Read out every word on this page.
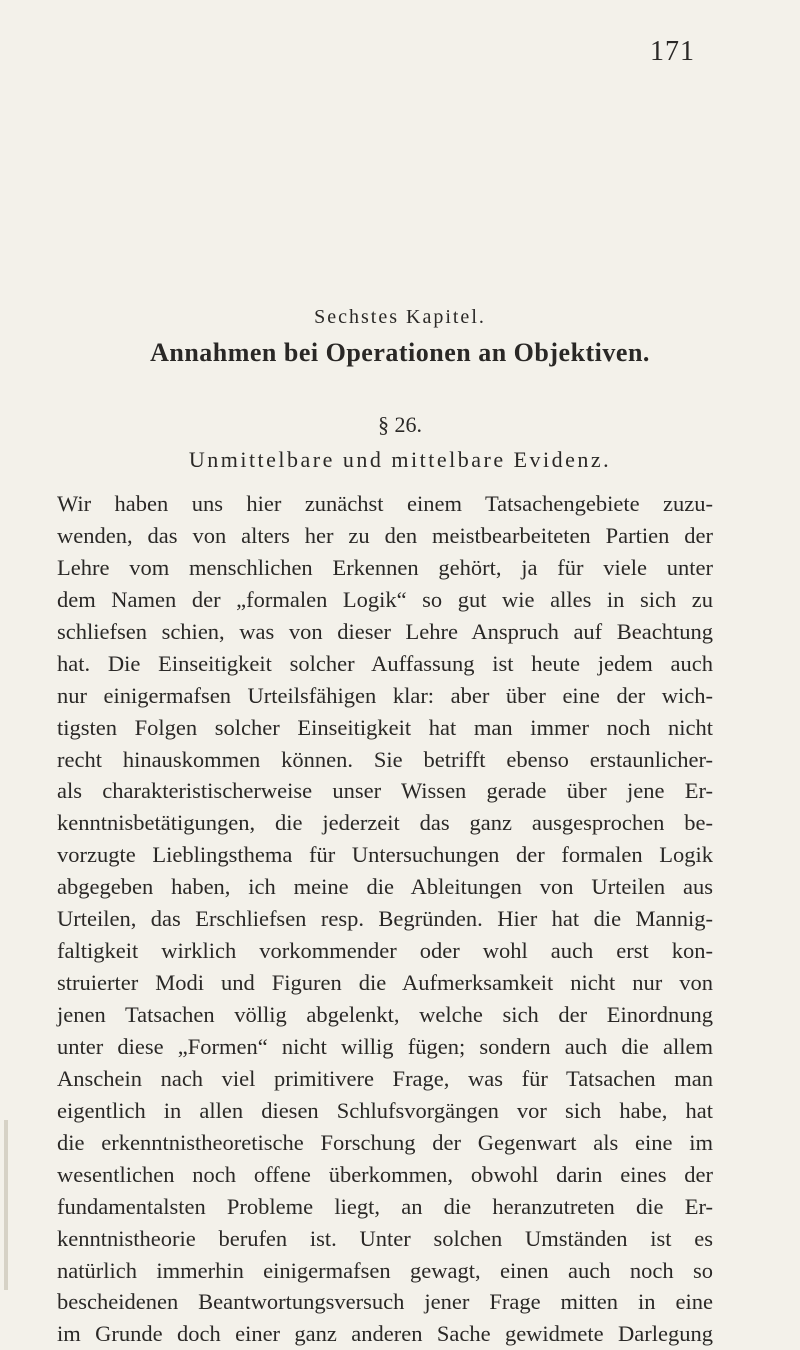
171
Sechstes Kapitel.
Annahmen bei Operationen an Objektiven.
§ 26.
Unmittelbare und mittelbare Evidenz.
Wir haben uns hier zunächst einem Tatsachengebiete zuzu-
wenden, das von alters her zu den meistbearbeiteten Partien der
Lehre vom menschlichen Erkennen gehört, ja für viele unter
dem Namen der „formalen Logik“ so gut wie alles in sich zu
schliefsen schien, was von dieser Lehre Anspruch auf Beachtung
hat. Die Einseitigkeit solcher Auffassung ist heute jedem auch
nur einigermafsen Urteilsfähigen klar: aber über eine der wich-
tigsten Folgen solcher Einseitigkeit hat man immer noch nicht
recht hinauskommen können. Sie betrifft ebenso erstaunlicher-
als charakteristischerweise unser Wissen gerade über jene Er-
kenntnisbetätigungen, die jederzeit das ganz ausgesprochen be-
vorzugte Lieblingsthema für Untersuchungen der formalen Logik
abgegeben haben, ich meine die Ableitungen von Urteilen aus
Urteilen, das Erschliefsen resp. Begründen. Hier hat die Mannig-
faltigkeit wirklich vorkommender oder wohl auch erst kon-
struierter Modi und Figuren die Aufmerksamkeit nicht nur von
jenen Tatsachen völlig abgelenkt, welche sich der Einordnung
unter diese „Formen“ nicht willig fügen; sondern auch die allem
Anschein nach viel primitivere Frage, was für Tatsachen man
eigentlich in allen diesen Schlufsvorgängen vor sich habe, hat
die erkenntnistheoretische Forschung der Gegenwart als eine im
wesentlichen noch offene überkommen, obwohl darin eines der
fundamentalsten Probleme liegt, an die heranzutreten die Er-
kenntnistheorie berufen ist. Unter solchen Umständen ist es
natürlich immerhin einigermafsen gewagt, einen auch noch so
bescheidenen Beantwortungsversuch jener Frage mitten in eine
im Grunde doch einer ganz anderen Sache gewidmete Darlegung
